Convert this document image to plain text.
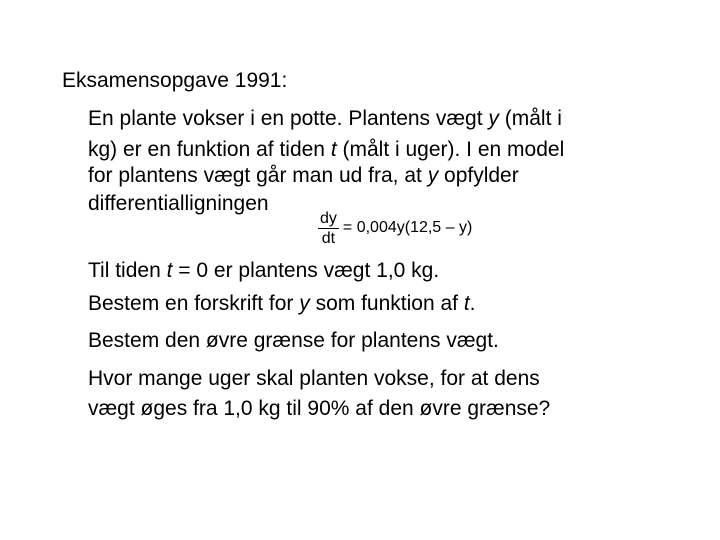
Eksamensopgave 1991:
En plante vokser i en potte. Plantens vægt y (målt i
kg) er en funktion af tiden t (målt i uger). I en model
for plantens vægt går man ud fra, at y opfylder
differentialligningen
$\frac{dy}{dt} = 0,004y(12,5 - y)$
Til tiden t = 0 er plantens vægt 1,0 kg.
Bestem en forskrift for y som funktion af t.
Bestem den øvre grænse for plantens vægt.
Hvor mange uger skal planten vokse, for at dens
vægt øges fra 1,0 kg til 90% af den øvre grænse?
